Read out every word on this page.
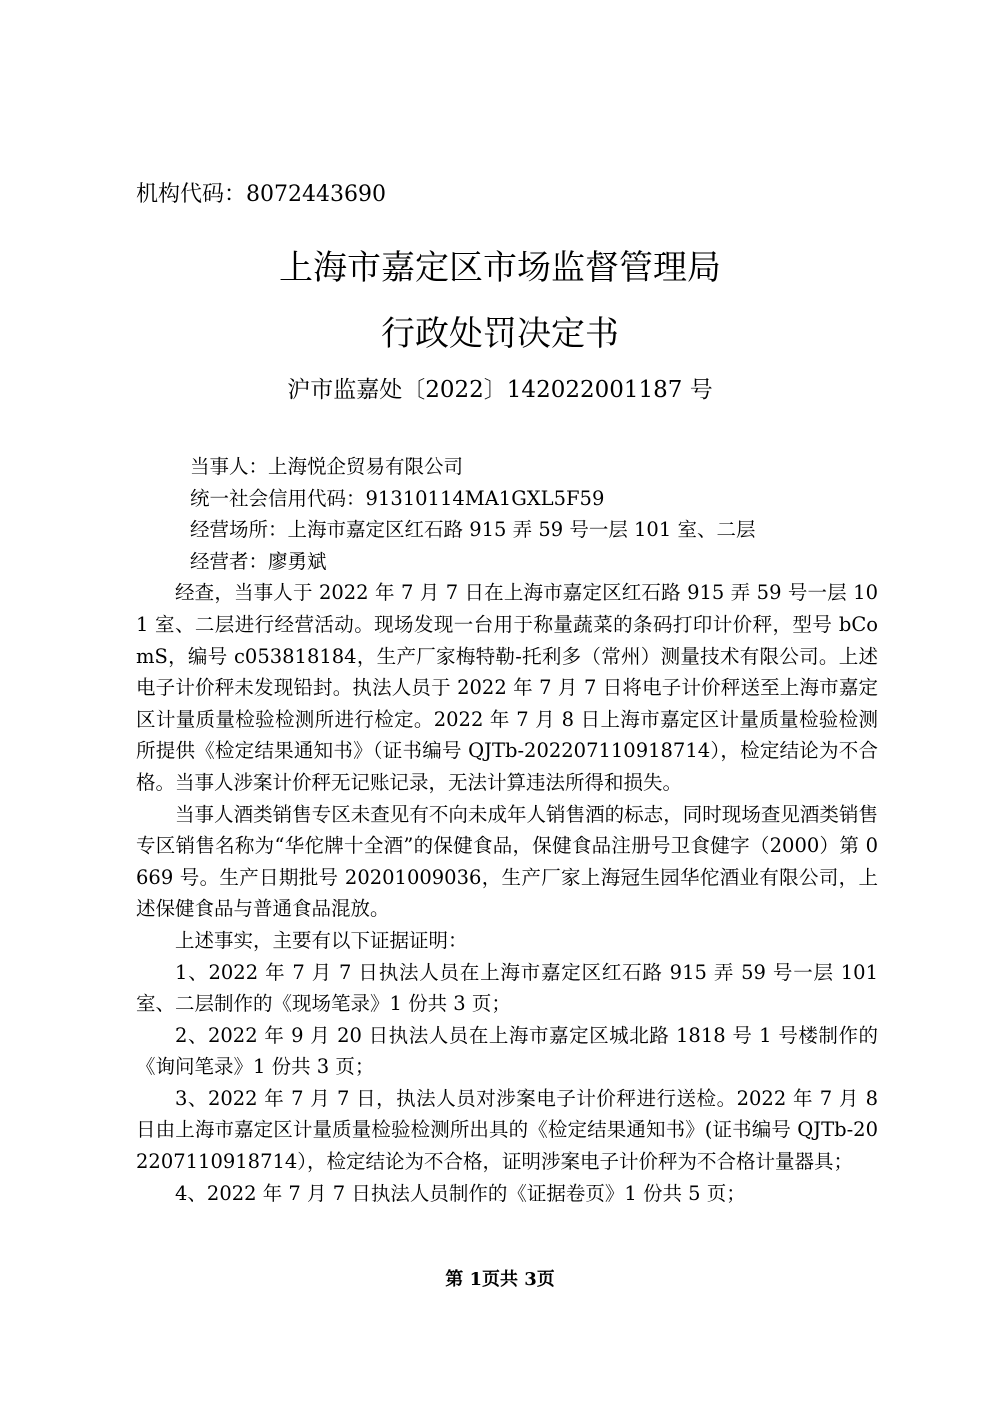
机构代码：8072443690
上海市嘉定区市场监督管理局
行政处罚决定书
沪市监嘉处〔2022〕142022001187 号

当事人：上海悦企贸易有限公司

统一社会信用代码：91310114MA1GXL5F59

经营场所：上海市嘉定区红石路 915 弄 59 号一层 101 室、二层

经营者：廖勇斌

经查，当事人于 2022 年 7 月 7 日在上海市嘉定区红石路 915 弄 59 号一层 101 室、二层进行经营活动。现场发现一台用于称量蔬菜的条码打印计价秤，型号 bComS，编号 c053818184，生产厂家梅特勒-托利多（常州）测量技术有限公司。上述电子计价秤未发现铅封。执法人员于 2022 年 7 月 7 日将电子计价秤送至上海市嘉定区计量质量检验检测所进行检定。2022 年 7 月 8 日上海市嘉定区计量质量检验检测所提供《检定结果通知书》（证书编号 QJTb-202207110918714），检定结论为不合格。当事人涉案计价秤无记账记录，无法计算违法所得和损失。

当事人酒类销售专区未查见有不向未成年人销售酒的标志，同时现场查见酒类销售专区销售名称为“华佗牌十全酒”的保健食品，保健食品注册号卫食健字（2000）第 0669 号。生产日期批号 20201009036，生产厂家上海冠生园华佗酒业有限公司，上述保健食品与普通食品混放。

上述事实，主要有以下证据证明：

1、2022 年 7 月 7 日执法人员在上海市嘉定区红石路 915 弄 59 号一层 101 室、二层制作的《现场笔录》1 份共 3 页；

2、2022 年 9 月 20 日执法人员在上海市嘉定区城北路 1818 号 1 号楼制作的《询问笔录》1 份共 3 页；

3、2022 年 7 月 7 日，执法人员对涉案电子计价秤进行送检。2022 年 7 月 8 日由上海市嘉定区计量质量检验检测所出具的《检定结果通知书》(证书编号 QJTb-202207110918714），检定结论为不合格，证明涉案电子计价秤为不合格计量器具；

4、2022 年 7 月 7 日执法人员制作的《证据卷页》1 份共 5 页；

第 1页共 3页
